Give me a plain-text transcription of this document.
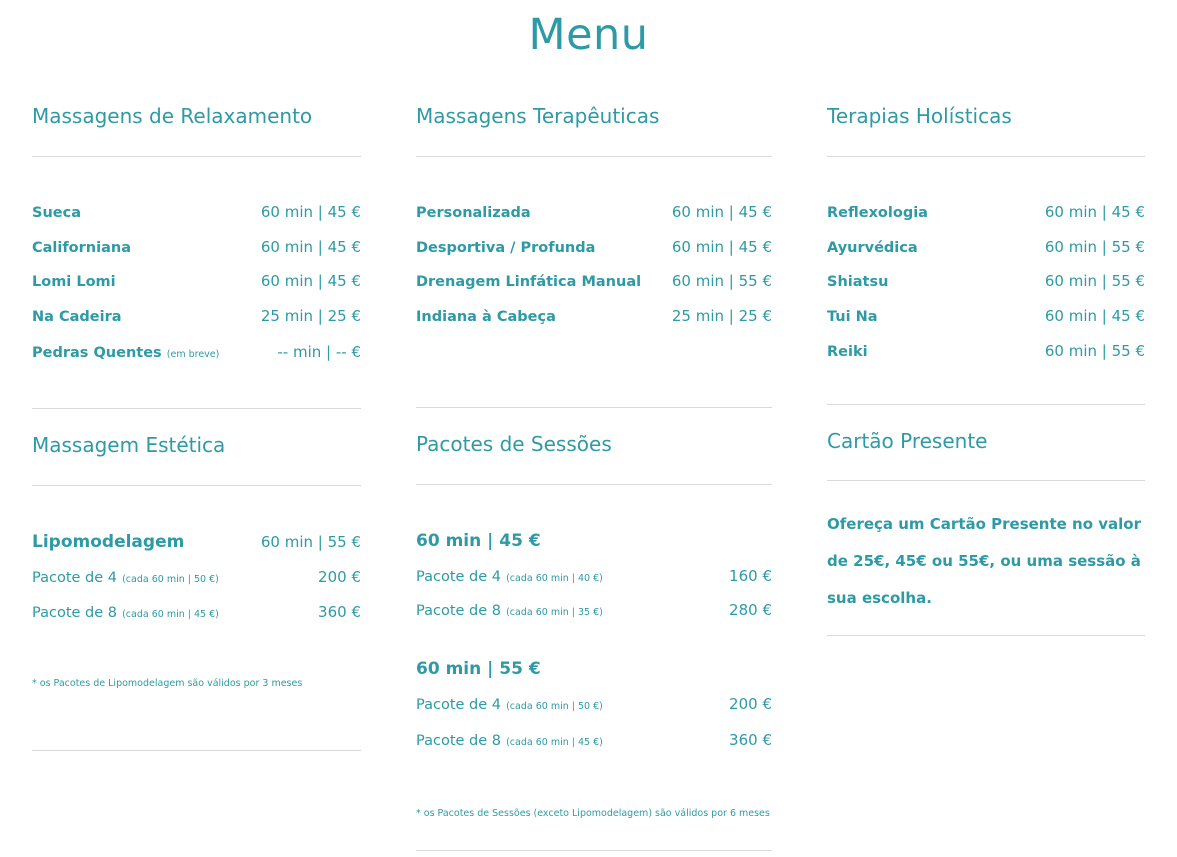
Menu
Massagens de Relaxamento
Sueca	60 min | 45 €
Californiana	60 min | 45 €
Lomi Lomi	60 min | 45 €
Na Cadeira	25 min | 25 €
Pedras Quentes (em breve)	-- min | -- €
Massagem Estética
Lipomodelagem	60 min | 55 €
Pacote de 4 (cada 60 min | 50 €)	200 €
Pacote de 8 (cada 60 min | 45 €)	360 €
* os Pacotes de Lipomodelagem são válidos por 3 meses
Massagens Terapêuticas
Personalizada	60 min | 45 €
Desportiva / Profunda	60 min | 45 €
Drenagem Linfática Manual 60 min | 55 €
Indiana à Cabeça	25 min | 25 €
Pacotes de Sessões
60 min | 45 €
Pacote de 4 (cada 60 min | 40 €)	160 €
Pacote de 8 (cada 60 min | 35 €)	280 €
60 min | 55 €
Pacote de 4 (cada 60 min | 50 €)	200 €
Pacote de 8 (cada 60 min | 45 €)	360 €
* os Pacotes de Sessões (exceto Lipomodelagem) são válidos por 6 meses
Terapias Holísticas
Reflexologia	60 min | 45 €
Ayurvédica	60 min | 55 €
Shiatsu	60 min | 55 €
Tui Na	60 min | 45 €
Reiki	60 min | 55 €
Cartão Presente
Ofereça um Cartão Presente no valor
de 25€, 45€ ou 55€, ou uma sessão à
sua escolha.
